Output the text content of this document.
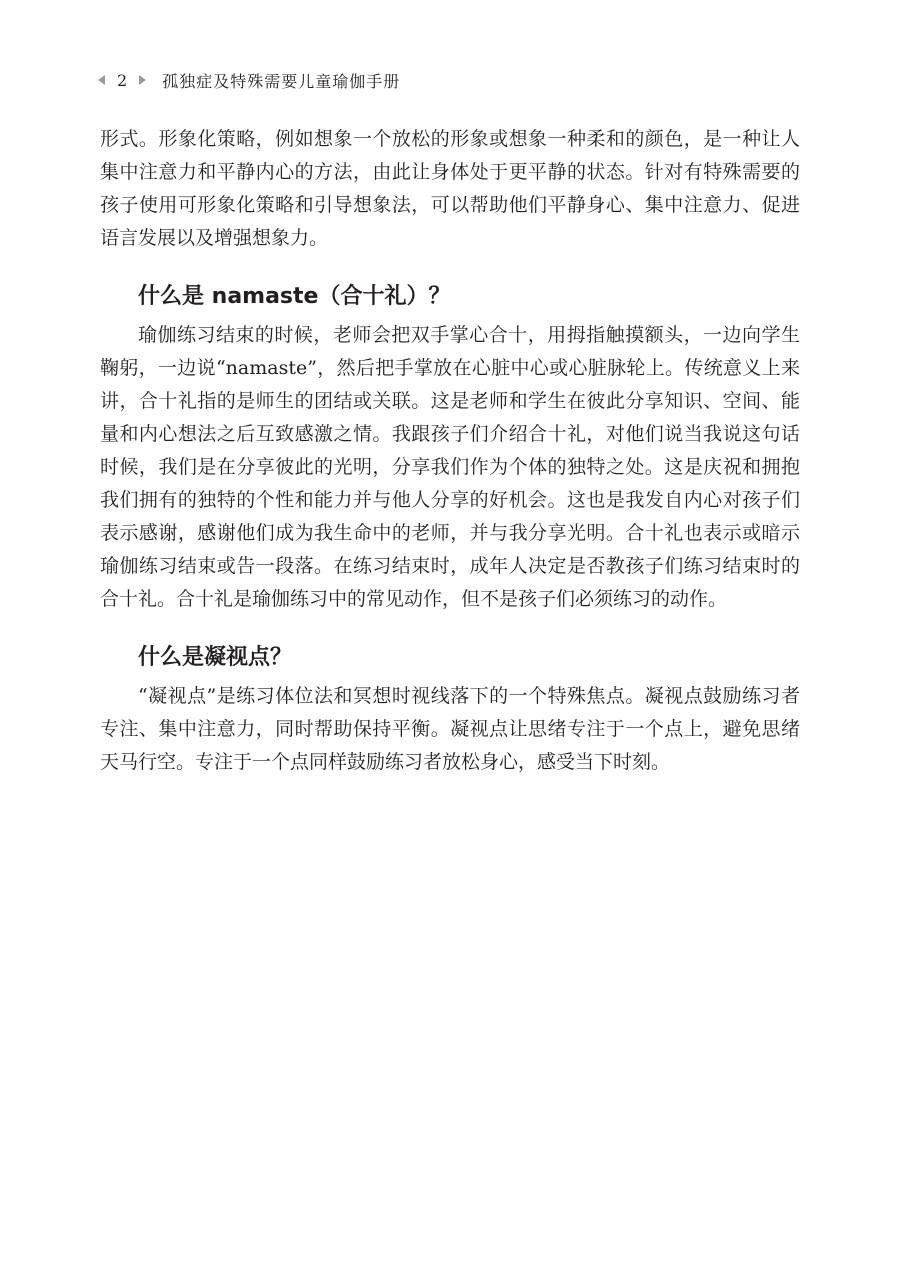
2 孤独症及特殊需要儿童瑜伽手册

形式。形象化策略，例如想象一个放松的形象或想象一种柔和的颜色，是一种让人集中注意力和平静内心的方法，由此让身体处于更平静的状态。针对有特殊需要的孩子使用可形象化策略和引导想象法，可以帮助他们平静身心、集中注意力、促进语言发展以及增强想象力。

什么是 namaste（合十礼）？

瑜伽练习结束的时候，老师会把双手掌心合十，用拇指触摸额头，一边向学生鞠躬，一边说“namaste”，然后把手掌放在心脏中心或心脏脉轮上。传统意义上来讲，合十礼指的是师生的团结或关联。这是老师和学生在彼此分享知识、空间、能量和内心想法之后互致感激之情。我跟孩子们介绍合十礼，对他们说当我说这句话时候，我们是在分享彼此的光明，分享我们作为个体的独特之处。这是庆祝和拥抱我们拥有的独特的个性和能力并与他人分享的好机会。这也是我发自内心对孩子们表示感谢，感谢他们成为我生命中的老师，并与我分享光明。合十礼也表示或暗示瑜伽练习结束或告一段落。在练习结束时，成年人决定是否教孩子们练习结束时的合十礼。合十礼是瑜伽练习中的常见动作，但不是孩子们必须练习的动作。

什么是凝视点？

“凝视点”是练习体位法和冥想时视线落下的一个特殊焦点。凝视点鼓励练习者专注、集中注意力，同时帮助保持平衡。凝视点让思绪专注于一个点上，避免思绪天马行空。专注于一个点同样鼓励练习者放松身心，感受当下时刻。
